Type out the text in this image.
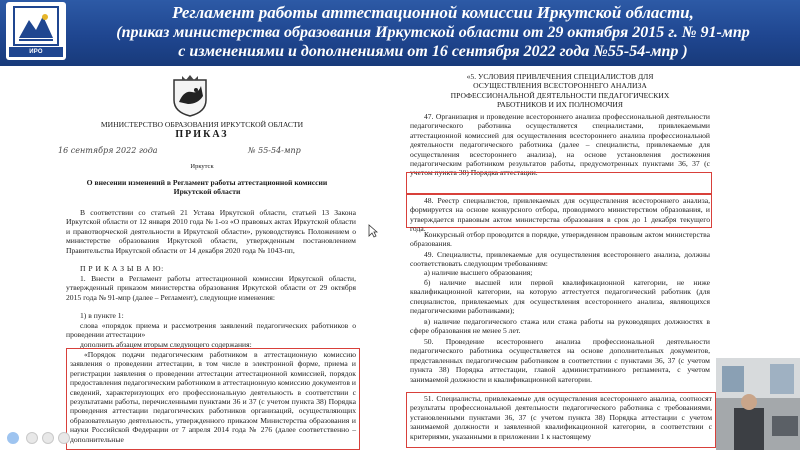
ИРО
Регламент работы аттестационной комиссии Иркутской области,
(приказ министерства образования Иркутской области от 29 октября 2015 г. № 91-мпр
с изменениями и дополнениями от 16 сентября 2022 года №55-54-мпр )
МИНИСТЕРСТВО ОБРАЗОВАНИЯ ИРКУТСКОЙ ОБЛАСТИ
ПРИКАЗ
16 сентября 2022 года	№ 55-54-мпр
Иркутск
О внесении изменений в Регламент работы аттестационной комиссии
Иркутской области
В соответствии со статьей 21 Устава Иркутской области, статьей 13 Закона Иркутской области от 12 января 2010 года № 1-оз «О правовых актах Иркутской области и правотворческой деятельности в Иркутской области», руководствуясь Положением о министерстве образования Иркутской области, утвержденным постановлением Правительства Иркутской области от 14 декабря 2020 года № 1043-пп,
П Р И К А З Ы В А Ю:
1. Внести в Регламент работы аттестационной комиссии Иркутской области, утвержденный приказом министерства образования Иркутской области от 29 октября 2015 года № 91-мпр (далее – Регламент), следующие изменения:
1) в пункте 1:
слова «порядок приема и рассмотрения заявлений педагогических работников о проведении аттестации»
дополнить абзацем вторым следующего содержания:
«Порядок подачи педагогическим работником в аттестационную комиссию заявления о проведении аттестации, в том числе в электронной форме, приема и регистрации заявления о проведении аттестации аттестационной комиссией, порядок предоставления педагогическим работником в аттестационную комиссию документов и сведений, характеризующих его профессиональную деятельность в соответствии с результатами работы, перечисленными пунктами 36 и 37 (с учетом пункта 38) Порядка проведения аттестации педагогических работников организаций, осуществляющих образовательную деятельность, утвержденного приказом Министерства образования и науки Российской Федерации от 7 апреля 2014 года № 276 (далее соответственно – дополнительные
«5. УСЛОВИЯ ПРИВЛЕЧЕНИЯ СПЕЦИАЛИСТОВ ДЛЯ ОСУЩЕСТВЛЕНИЯ ВСЕСТОРОННЕГО АНАЛИЗА ПРОФЕССИОНАЛЬНОЙ ДЕЯТЕЛЬНОСТИ ПЕДАГОГИЧЕСКИХ РАБОТНИКОВ И ИХ ПОЛНОМОЧИЯ
47. Организация и проведение всестороннего анализа профессиональной деятельности педагогического работника осуществляется специалистами, привлекаемыми аттестационной комиссией для осуществления всестороннего анализа профессиональной деятельности педагогического работника (далее – специалисты, привлекаемые для осуществления всестороннего анализа), на основе установления достижения педагогическим работником результатов работы, предусмотренных пунктами 36, 37 (с учетом пункта 38) Порядка аттестации.
48. Реестр специалистов, привлекаемых для осуществления всестороннего анализа, формируется на основе конкурсного отбора, проводимого министерством образования, и утверждается правовым актом министерства образования в срок до 1 декабря текущего года.
Конкурсный отбор проводится в порядке, утвержденном правовым актом министерства образования.
49. Специалисты, привлекаемые для осуществления всестороннего анализа, должны соответствовать следующим требованиям:
а) наличие высшего образования;
б) наличие высшей или первой квалификационной категории, не ниже квалификационной категории, на которую аттестуется педагогический работник (для специалистов, привлекаемых для осуществления всестороннего анализа, являющихся педагогическими работниками);
в) наличие педагогического стажа или стажа работы на руководящих должностях в сфере образования не менее 5 лет.
50. Проведение всестороннего анализа профессиональной деятельности педагогического работника осуществляется на основе дополнительных документов, представленных педагогическим работником в соответствии с пунктами 36, 37 (с учетом пункта 38) Порядка аттестации, главой административного регламента, с учетом занимаемой должности и квалификационной категории.
51. Специалисты, привлекаемые для осуществления всестороннего анализа, соотносят результаты профессиональной деятельности педагогического работника с требованиями, установленными пунктами 36, 37 (с учетом пункта 38) Порядка аттестации с учетом занимаемой должности и заявленной квалификационной категории, в соответствии с критериями, указанными в приложении 1 к настоящему
